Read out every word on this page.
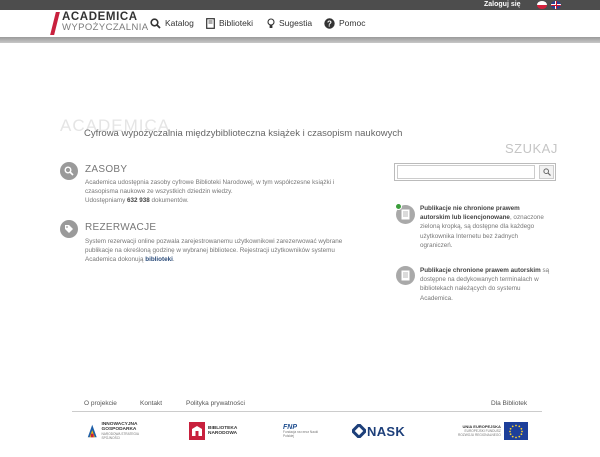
Zaloguj się
ACADEMICA
WYPOŻYCZALNIA Katalog	Biblioteki	Sugestia ? Pomoc
ACADEMICA
Cyfrowa wypożyczalnia międzybiblioteczna książek i czasopism naukowych
SZUKAJ
ZASOBY
Academica udostępnia zasoby cyfrowe Biblioteki Narodowej, w tym współczesne książki i czasopisma naukowe ze wszystkich dziedzin wiedzy.
Udostępniamy 632 938 dokumentów.
REZERWACJE
System rezerwacji online pozwala zarejestrowanemu użytkownikowi zarezerwować wybrane publikacje na określoną godzinę w wybranej bibliotece. Rejestracji użytkowników systemu Academica dokonują biblioteki.
Publikacje nie chronione prawem autorskim lub licencjonowane, oznaczone zieloną kropką, są dostępne dla każdego użytkownika Internetu bez żadnych ograniczeń.
Publikacje chronione prawem autorskim są dostępne na dedykowanych terminalach w bibliotekach należących do systemu Academica.
O projekcie	Kontakt	Polityka prywatności	Dla Bibliotek
INNOWACYJNA
GOSPODARKA
NARODOWA STRATEGIA SPÓJNOŚCI
BIBLIOTEKA
NARODOWA
FNP
Fundacja na rzecz Nauki Polskiej	NASK	UNIA EUROPEJSKA
EUROPEJSKI FUNDUSZ
ROZWOJU REGIONALNEGO
